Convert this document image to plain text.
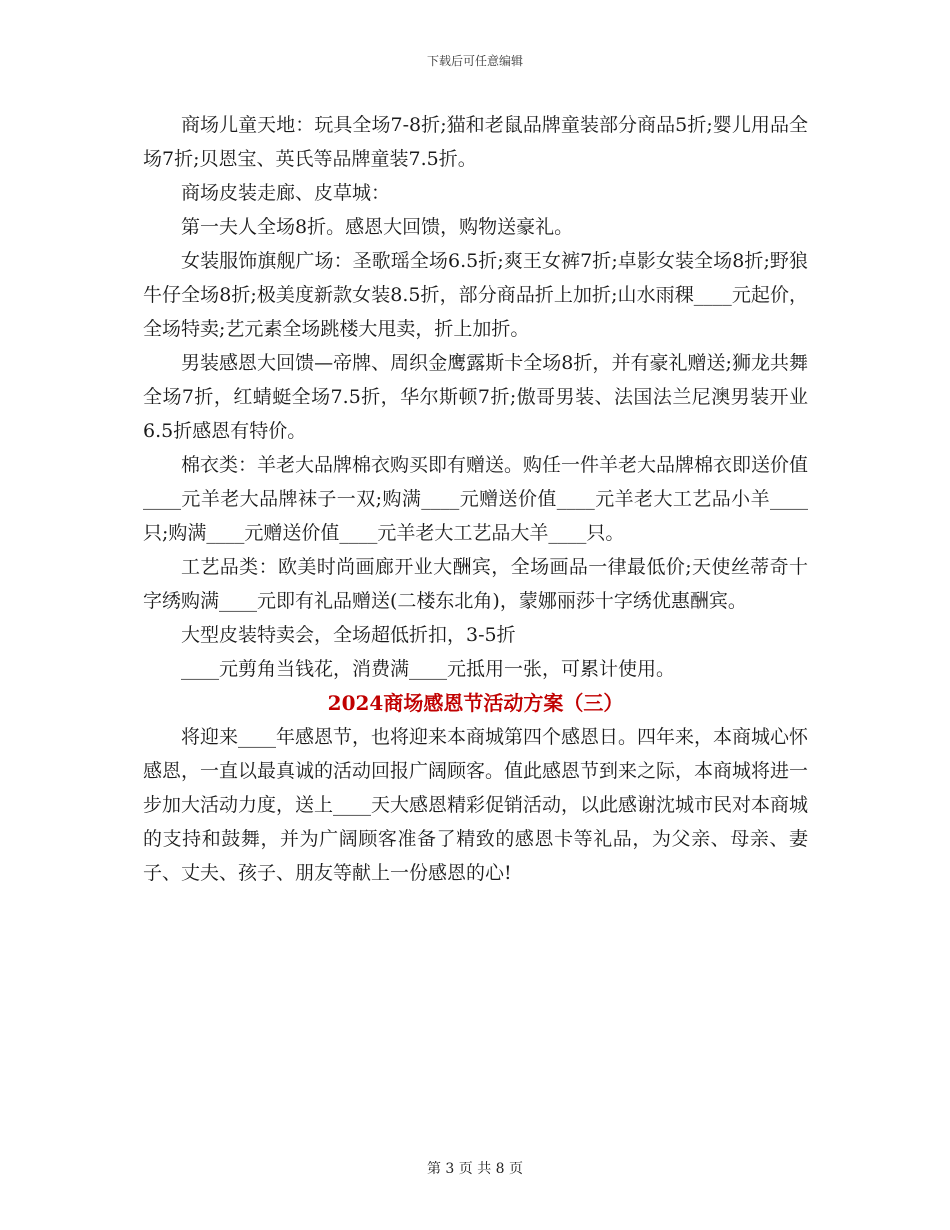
下载后可任意编辑

商场儿童天地：玩具全场7-8折;猫和老鼠品牌童装部分商品5折;婴儿用品全场7折;贝恩宝、英氏等品牌童装7.5折。

商场皮装走廊、皮草城：

第一夫人全场8折。感恩大回馈，购物送豪礼。

女装服饰旗舰广场：圣歌瑶全场6.5折;爽王女裤7折;卓影女装全场8折;野狼牛仔全场8折;极美度新款女装8.5折，部分商品折上加折;山水雨稞____元起价，全场特卖;艺元素全场跳楼大甩卖，折上加折。

男装感恩大回馈—帝牌、周织金鹰露斯卡全场8折，并有豪礼赠送;狮龙共舞全场7折，红蜻蜓全场7.5折，华尔斯顿7折;傲哥男装、法国法兰尼澳男装开业6.5折感恩有特价。

棉衣类：羊老大品牌棉衣购买即有赠送。购任一件羊老大品牌棉衣即送价值____元羊老大品牌袜子一双;购满____元赠送价值____元羊老大工艺品小羊____只;购满____元赠送价值____元羊老大工艺品大羊____只。

工艺品类：欧美时尚画廊开业大酬宾，全场画品一律最低价;天使丝蒂奇十字绣购满____元即有礼品赠送(二楼东北角)，蒙娜丽莎十字绣优惠酬宾。

大型皮装特卖会，全场超低折扣，3-5折

____元剪角当钱花，消费满____元抵用一张，可累计使用。

2024商场感恩节活动方案（三）

将迎来____年感恩节，也将迎来本商城第四个感恩日。四年来，本商城心怀感恩，一直以最真诚的活动回报广阔顾客。值此感恩节到来之际，本商城将进一步加大活动力度，送上____天大感恩精彩促销活动，以此感谢沈城市民对本商城的支持和鼓舞，并为广阔顾客准备了精致的感恩卡等礼品，为父亲、母亲、妻子、丈夫、孩子、朋友等献上一份感恩的心!

第 3 页 共 8 页
